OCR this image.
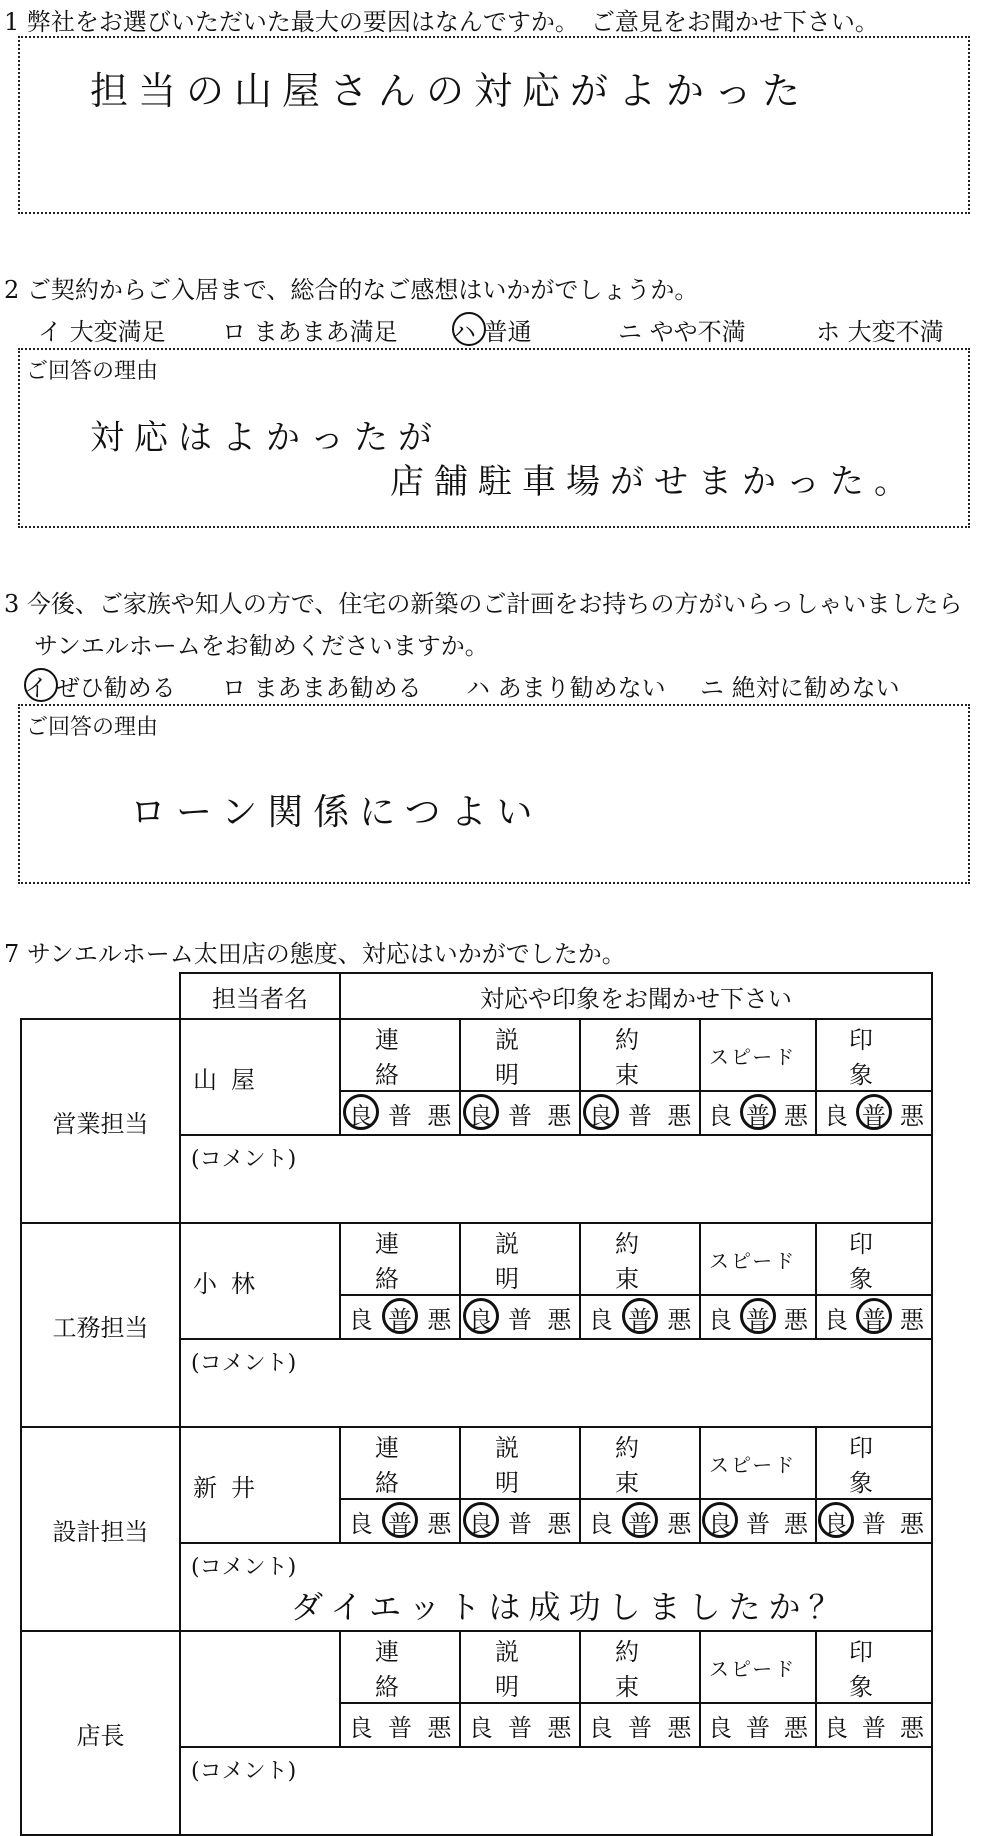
1 弊社をお選びいただいた最大の要因はなんですか。　ご意見をお聞かせ下さい。
担当の山屋さんの対応がよかった
2 ご契約からご入居まで、総合的なご感想はいかがでしょうか。
イ 大変満足 ロ まあまあ満足 ハ 普通	ニ やや不満	ホ 大変不満
ご回答の理由
対応はよかったが
店舗駐車場がせまかった。
3 今後、ご家族や知人の方で、住宅の新築のご計画をお持ちの方がいらっしゃいましたら
サンエルホームをお勧めくださいますか。
イ ぜひ勧める ロ まあまあ勧める ハ あまり勧めない ニ 絶対に勧めない
ご回答の理由
ローン関係につよい
7 サンエルホーム太田店の態度、対応はいかがでしたか。
	担当者名	対応や印象をお聞かせ下さい				
営業担当	山屋	連絡	説明	約束	スピード	印象

		良 普 悪	良 普 悪	良 普 悪	良 普 悪	良 普 悪

	(コメント)					

工務担当	小林	連絡	説明	約束	スピード	印象

		良 普 悪	良 普 悪	良 普 悪	良 普 悪	良 普 悪

	(コメント)					

設計担当	新井	連絡	説明	約束	スピード	印象

		良 普 悪	良 普 悪	良 普 悪	良 普 悪	良 普 悪

	(コメント)
ダイエットは成功しましたか？					

店長		連絡	説明	約束	スピード	印象

		良 普 悪	良 普 悪	良 普 悪	良 普 悪	良 普 悪

	(コメント)					
